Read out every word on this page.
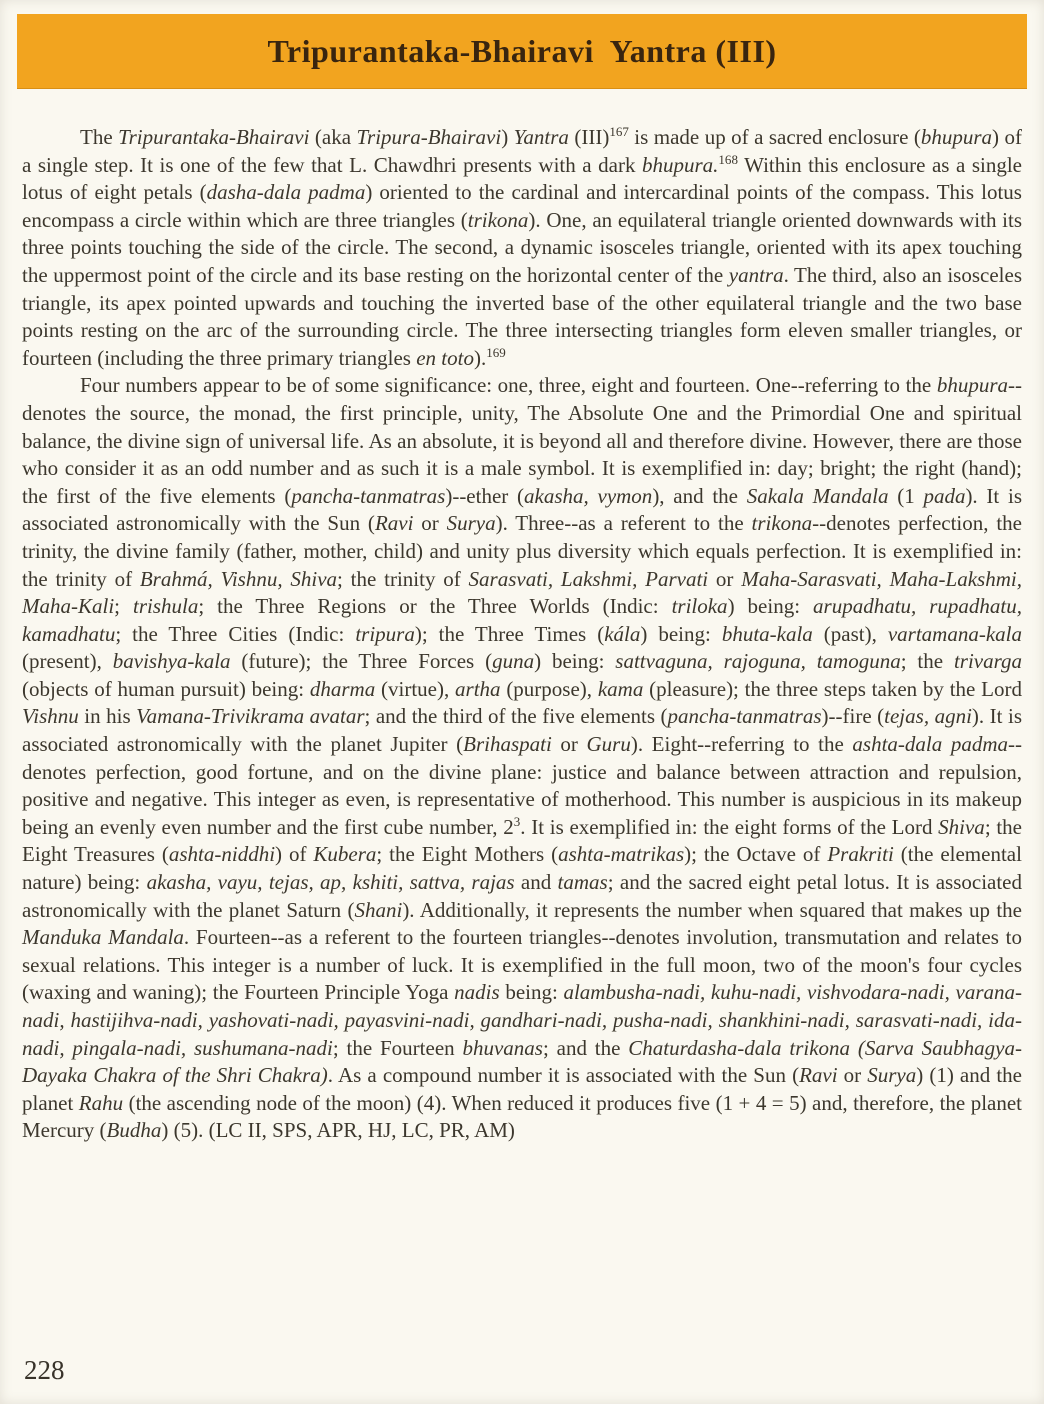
Tripurantaka-Bhairavi  Yantra (III)

The Tripurantaka-Bhairavi (aka Tripura-Bhairavi) Yantra (III)$^{167}$ is made up of a sacred enclosure (bhupura) of a single step. It is one of the few that L. Chawdhri presents with a dark bhupura.$^{168}$ Within this enclosure as a single lotus of eight petals (dasha-dala padma) oriented to the cardinal and intercardinal points of the compass. This lotus encompass a circle within which are three triangles (trikona). One, an equilateral triangle oriented downwards with its three points touching the side of the circle. The second, a dynamic isosceles triangle, oriented with its apex touching the uppermost point of the circle and its base resting on the horizontal center of the yantra. The third, also an isosceles triangle, its apex pointed upwards and touching the inverted base of the other equilateral triangle and the two base points resting on the arc of the surrounding circle. The three intersecting triangles form eleven smaller triangles, or fourteen (including the three primary triangles en toto).$^{169}$

Four numbers appear to be of some significance: one, three, eight and fourteen. One--referring to the bhupura--denotes the source, the monad, the first principle, unity, The Absolute One and the Primordial One and spiritual balance, the divine sign of universal life. As an absolute, it is beyond all and therefore divine. However, there are those who consider it as an odd number and as such it is a male symbol. It is exemplified in: day; bright; the right (hand); the first of the five elements (pancha-tanmatras)--ether (akasha, vymon), and the Sakala Mandala (1 pada). It is associated astronomically with the Sun (Ravi or Surya). Three--as a referent to the trikona--denotes perfection, the trinity, the divine family (father, mother, child) and unity plus diversity which equals perfection. It is exemplified in: the trinity of Brahmá, Vishnu, Shiva; the trinity of Sarasvati, Lakshmi, Parvati or Maha-Sarasvati, Maha-Lakshmi, Maha-Kali; trishula; the Three Regions or the Three Worlds (Indic: triloka) being: arupadhatu, rupadhatu, kamadhatu; the Three Cities (Indic: tripura); the Three Times (kála) being: bhuta-kala (past), vartamana-kala (present), bavishya-kala (future); the Three Forces (guna) being: sattvaguna, rajoguna, tamoguna; the trivarga (objects of human pursuit) being: dharma (virtue), artha (purpose), kama (pleasure); the three steps taken by the Lord Vishnu in his Vamana-Trivikrama avatar; and the third of the five elements (pancha-tanmatras)--fire (tejas, agni). It is associated astronomically with the planet Jupiter (Brihaspati or Guru). Eight--referring to the ashta-dala padma--denotes perfection, good fortune, and on the divine plane: justice and balance between attraction and repulsion, positive and negative. This integer as even, is representative of motherhood. This number is auspicious in its makeup being an evenly even number and the first cube number, $2^3$. It is exemplified in: the eight forms of the Lord Shiva; the Eight Treasures (ashta-niddhi) of Kubera; the Eight Mothers (ashta-matrikas); the Octave of Prakriti (the elemental nature) being: akasha, vayu, tejas, ap, kshiti, sattva, rajas and tamas; and the sacred eight petal lotus. It is associated astronomically with the planet Saturn (Shani). Additionally, it represents the number when squared that makes up the Manduka Mandala. Fourteen--as a referent to the fourteen triangles--denotes involution, transmutation and relates to sexual relations. This integer is a number of luck. It is exemplified in the full moon, two of the moon's four cycles (waxing and waning); the Fourteen Principle Yoga nadis being: alambusha-nadi, kuhu-nadi, vishvodara-nadi, varana-nadi, hastijihva-nadi, yashovati-nadi, payasvini-nadi, gandhari-nadi, pusha-nadi, shankhini-nadi, sarasvati-nadi, ida-nadi, pingala-nadi, sushumana-nadi; the Fourteen bhuvanas; and the Chaturdasha-dala trikona (Sarva Saubhagya-Dayaka Chakra of the Shri Chakra). As a compound number it is associated with the Sun (Ravi or Surya) (1) and the planet Rahu (the ascending node of the moon) (4). When reduced it produces five (1 + 4 = 5) and, therefore, the planet Mercury (Budha) (5). (LC II, SPS, APR, HJ, LC, PR, AM)

228
